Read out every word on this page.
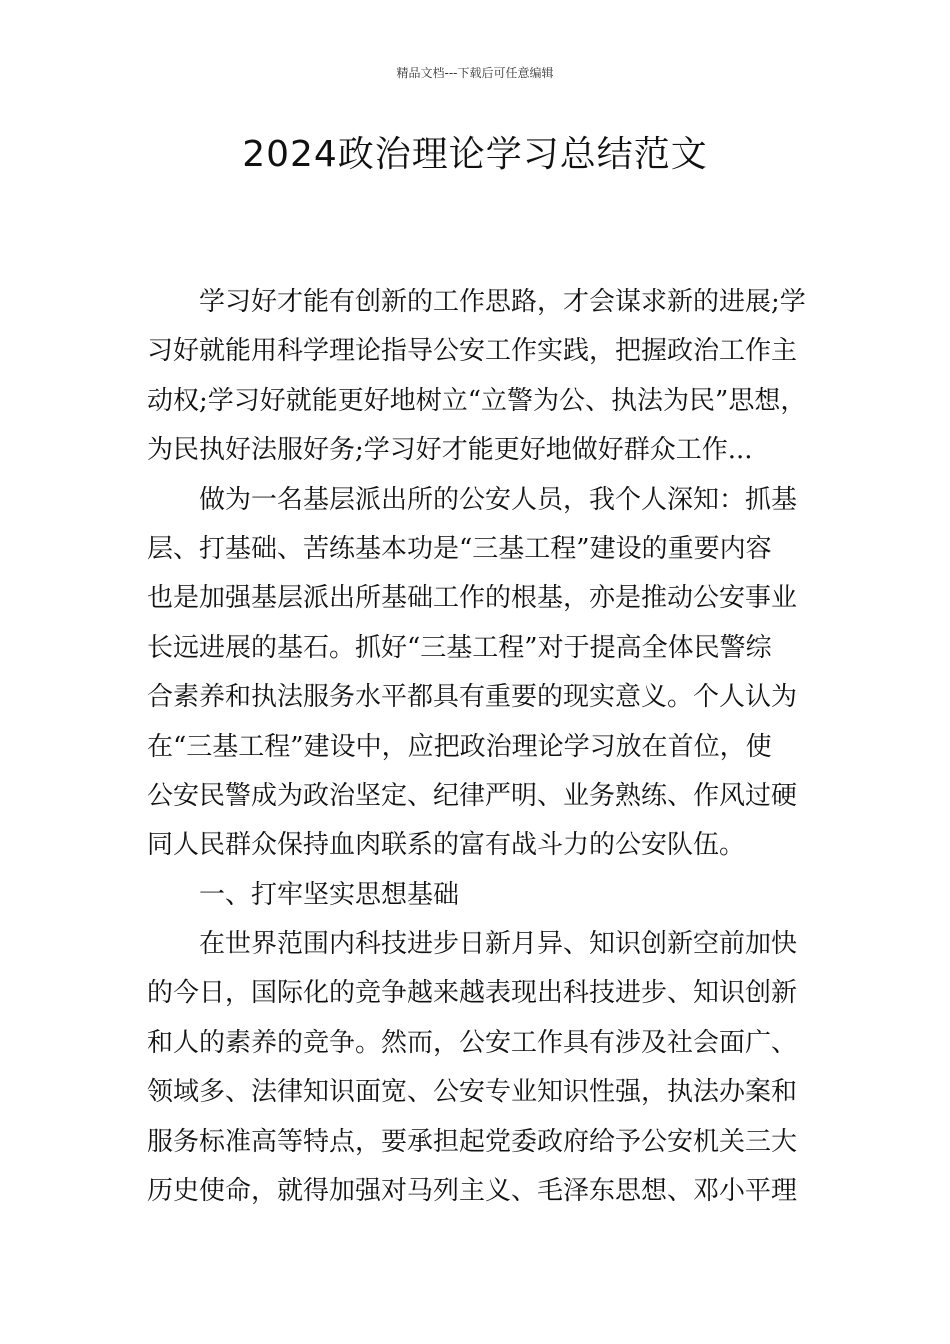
精品文档---下载后可任意编辑
2024政治理论学习总结范文
学习好才能有创新的工作思路，才会谋求新的进展;学
习好就能用科学理论指导公安工作实践，把握政治工作主
动权;学习好就能更好地树立“立警为公、执法为民”思想，
为民执好法服好务;学习好才能更好地做好群众工作...
做为一名基层派出所的公安人员，我个人深知：抓基
层、打基础、苦练基本功是“三基工程”建设的重要内容
也是加强基层派出所基础工作的根基，亦是推动公安事业
长远进展的基石。抓好“三基工程”对于提高全体民警综
合素养和执法服务水平都具有重要的现实意义。个人认为
在“三基工程”建设中，应把政治理论学习放在首位，使
公安民警成为政治坚定、纪律严明、业务熟练、作风过硬
同人民群众保持血肉联系的富有战斗力的公安队伍。
一、打牢坚实思想基础
在世界范围内科技进步日新月异、知识创新空前加快
的今日，国际化的竞争越来越表现出科技进步、知识创新
和人的素养的竞争。然而，公安工作具有涉及社会面广、
领域多、法律知识面宽、公安专业知识性强，执法办案和
服务标准高等特点，要承担起党委政府给予公安机关三大
历史使命，就得加强对马列主义、毛泽东思想、邓小平理
